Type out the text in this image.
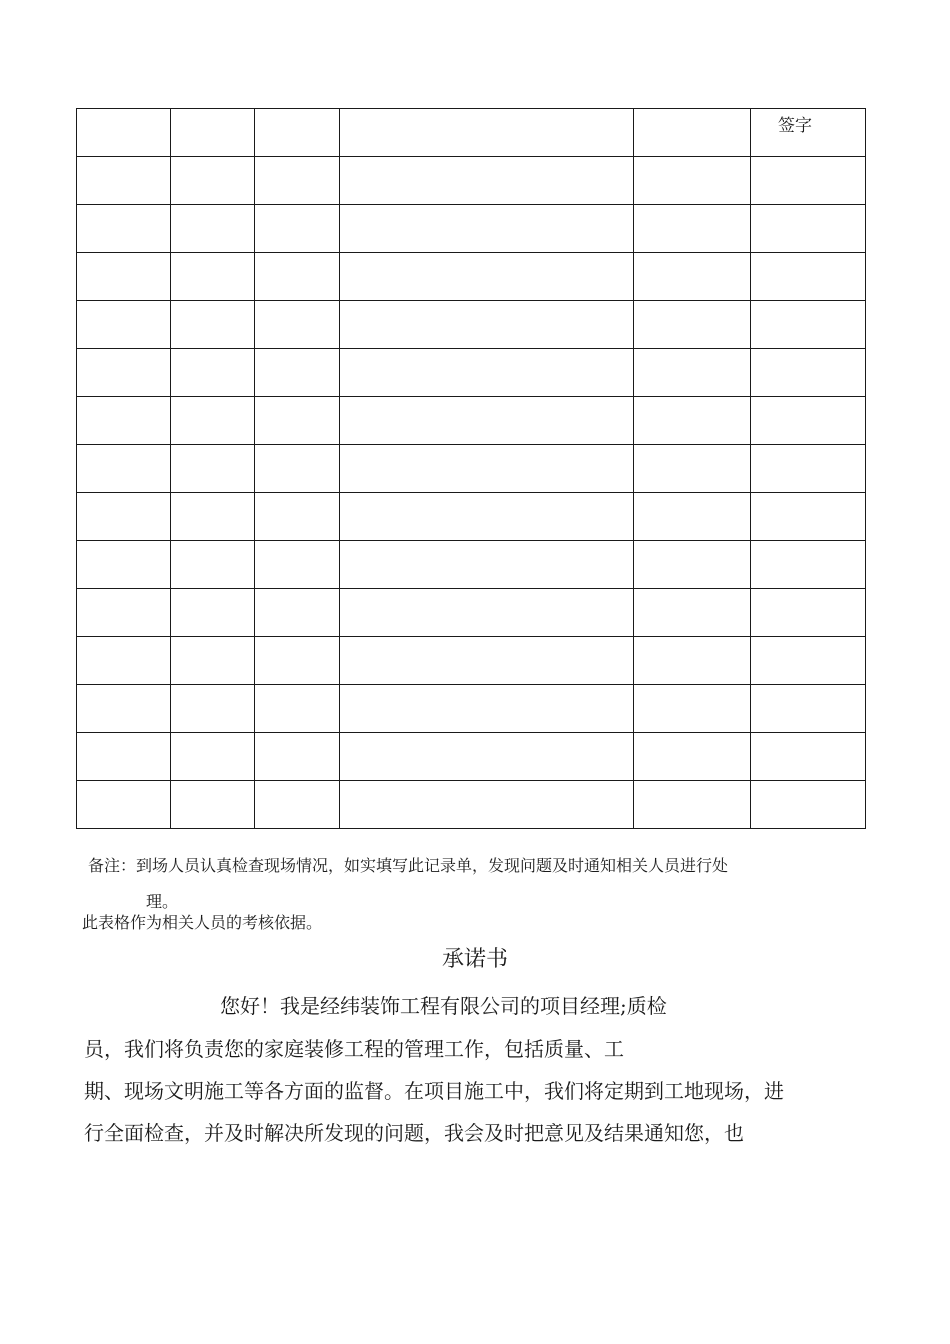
					签字

备注：到场人员认真检查现场情况，如实填写此记录单，发现问题及时通知相关人员进行处
理。
此表格作为相关人员的考核依据。
承诺书
您好！我是经纬装饰工程有限公司的项目经理;质检
员，我们将负责您的家庭装修工程的管理工作，包括质量、工
期、现场文明施工等各方面的监督。在项目施工中，我们将定期到工地现场，进
行全面检查，并及时解决所发现的问题，我会及时把意见及结果通知您，也
